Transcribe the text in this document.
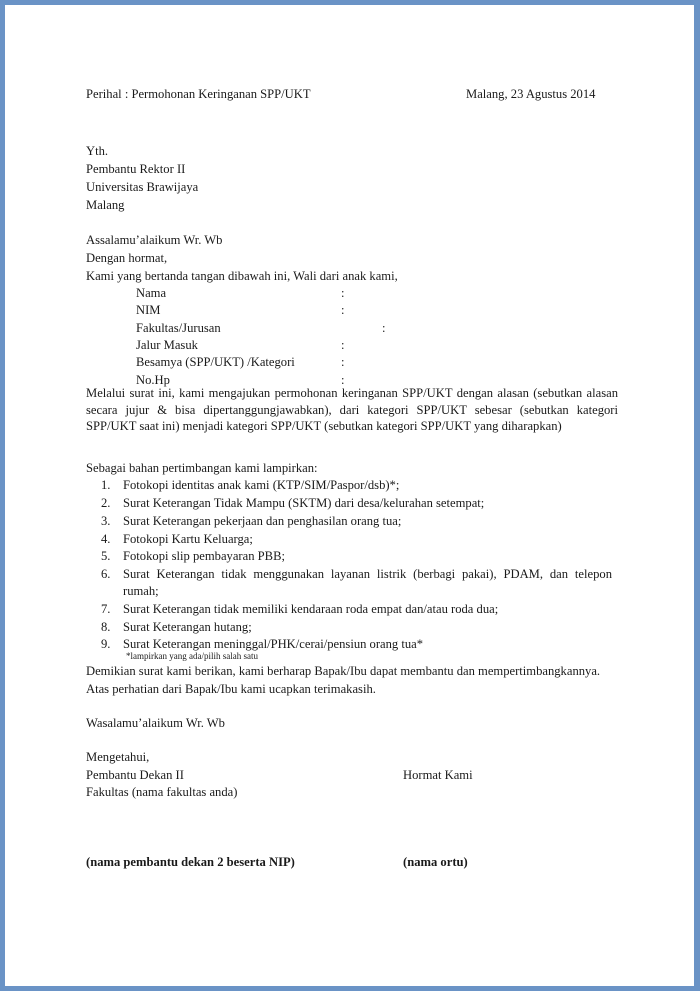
Perihal : Permohonan Keringanan SPP/UKT	Malang, 23 Agustus 2014
Yth.
Pembantu Rektor II
Universitas Brawijaya
Malang
Assalamu’alaikum Wr. Wb
Dengan hormat,
Kami yang bertanda tangan dibawah ini, Wali dari anak kami,
Nama	:
NIM	:
Fakultas/Jurusan	:
Jalur Masuk	:
Besamya (SPP/UKT) /Kategori	:
No.Hp	:
Melalui surat ini, kami mengajukan permohonan keringanan SPP/UKT dengan alasan (sebutkan alasan secara jujur & bisa dipertanggungjawabkan), dari kategori SPP/UKT sebesar (sebutkan kategori SPP/UKT saat ini) menjadi kategori SPP/UKT (sebutkan kategori SPP/UKT yang diharapkan)
Sebagai bahan pertimbangan kami lampirkan:
1. Fotokopi identitas anak kami (KTP/SIM/Paspor/dsb)*;
2. Surat Keterangan Tidak Mampu (SKTM) dari desa/kelurahan setempat;
3. Surat Keterangan pekerjaan dan penghasilan orang tua;
4. Fotokopi Kartu Keluarga;
5. Fotokopi slip pembayaran PBB;
6. Surat Keterangan tidak menggunakan layanan listrik (berbagi pakai), PDAM, dan telepon
rumah;
7. Surat Keterangan tidak memiliki kendaraan roda empat dan/atau roda dua;
8. Surat Keterangan hutang;
9. Surat Keterangan meninggal/PHK/cerai/pensiun orang tua*
*lampirkan yang ada/pilih salah satu
Demikian surat kami berikan, kami berharap Bapak/Ibu dapat membantu dan mempertimbangkannya.
Atas perhatian dari Bapak/Ibu kami ucapkan terimakasih.
Wasalamu’alaikum Wr. Wb
Mengetahui,
Pembantu Dekan II	Hormat Kami
Fakultas (nama fakultas anda)
(nama pembantu dekan 2 beserta NIP)	(nama ortu)
